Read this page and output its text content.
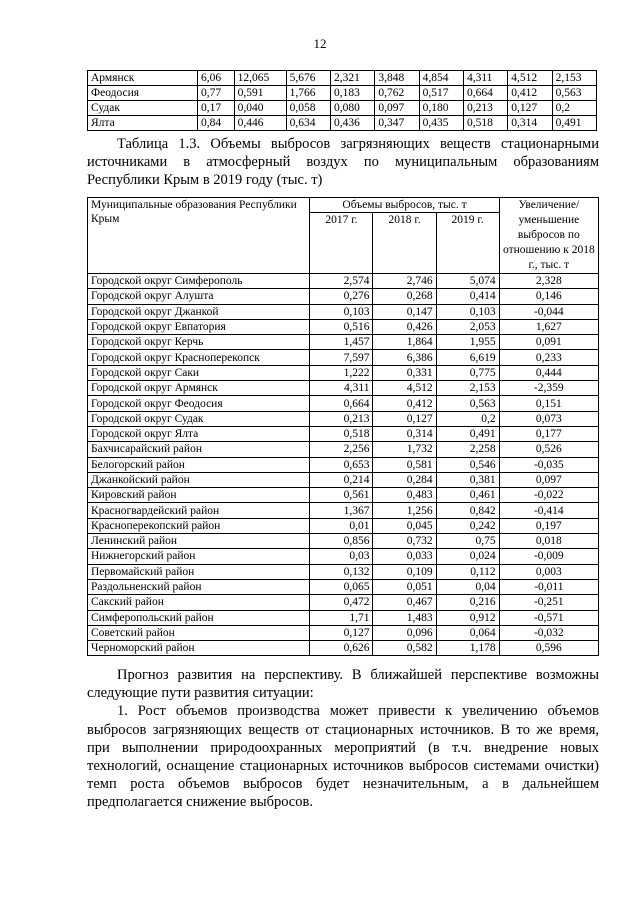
12
Армянск	6,06	12,065	5,676	2,321	3,848	4,854	4,311	4,512	2,153
Феодосия	0,77	0,591	1,766	0,183	0,762	0,517	0,664	0,412	0,563
Судак	0,17	0,040	0,058	0,080	0,097	0,180	0,213	0,127	0,2
Ялта	0,84	0,446	0,634	0,436	0,347	0,435	0,518	0,314	0,491
Таблица 1.3. Объемы выбросов загрязняющих веществ стационарными источниками в атмосферный воздух по муниципальным образованиям Республики Крым в 2019 году (тыс. т)
Муниципальные образования Республики Крым	Объемы выбросов, тыс. т			Увеличение/ уменьшение выбросов по отношению к 2018 г., тыс. т
	2017 г.	2018 г.	2019 г.	
Городской округ Симферополь	2,574	2,746	5,074	2,328
Городской округ Алушта	0,276	0,268	0,414	0,146
Городской округ Джанкой	0,103	0,147	0,103	-0,044
Городской округ Евпатория	0,516	0,426	2,053	1,627
Городской округ Керчь	1,457	1,864	1,955	0,091
Городской округ Красноперекопск	7,597	6,386	6,619	0,233
Городской округ Саки	1,222	0,331	0,775	0,444
Городской округ Армянск	4,311	4,512	2,153	-2,359
Городской округ Феодосия	0,664	0,412	0,563	0,151
Городской округ Судак	0,213	0,127	0,2	0,073
Городской округ Ялта	0,518	0,314	0,491	0,177
Бахчисарайский район	2,256	1,732	2,258	0,526
Белогорский район	0,653	0,581	0,546	-0,035
Джанкойский район	0,214	0,284	0,381	0,097
Кировский район	0,561	0,483	0,461	-0,022
Красногвардейский район	1,367	1,256	0,842	-0,414
Красноперекопский район	0,01	0,045	0,242	0,197
Ленинский район	0,856	0,732	0,75	0,018
Нижнегорский район	0,03	0,033	0,024	-0,009
Первомайский район	0,132	0,109	0,112	0,003
Раздольненский район	0,065	0,051	0,04	-0,011
Сакский район	0,472	0,467	0,216	-0,251
Симферопольский район	1,71	1,483	0,912	-0,571
Советский район	0,127	0,096	0,064	-0,032
Черноморский район	0,626	0,582	1,178	0,596

Прогноз развития на перспективу. В ближайшей перспективе возможны следующие пути развития ситуации:

1. Рост объемов производства может привести к увеличению объемов выбросов загрязняющих веществ от стационарных источников. В то же время, при выполнении природоохранных мероприятий (в т.ч. внедрение новых технологий, оснащение стационарных источников выбросов системами очистки) темп роста объемов выбросов будет незначительным, а в дальнейшем предполагается снижение выбросов.
